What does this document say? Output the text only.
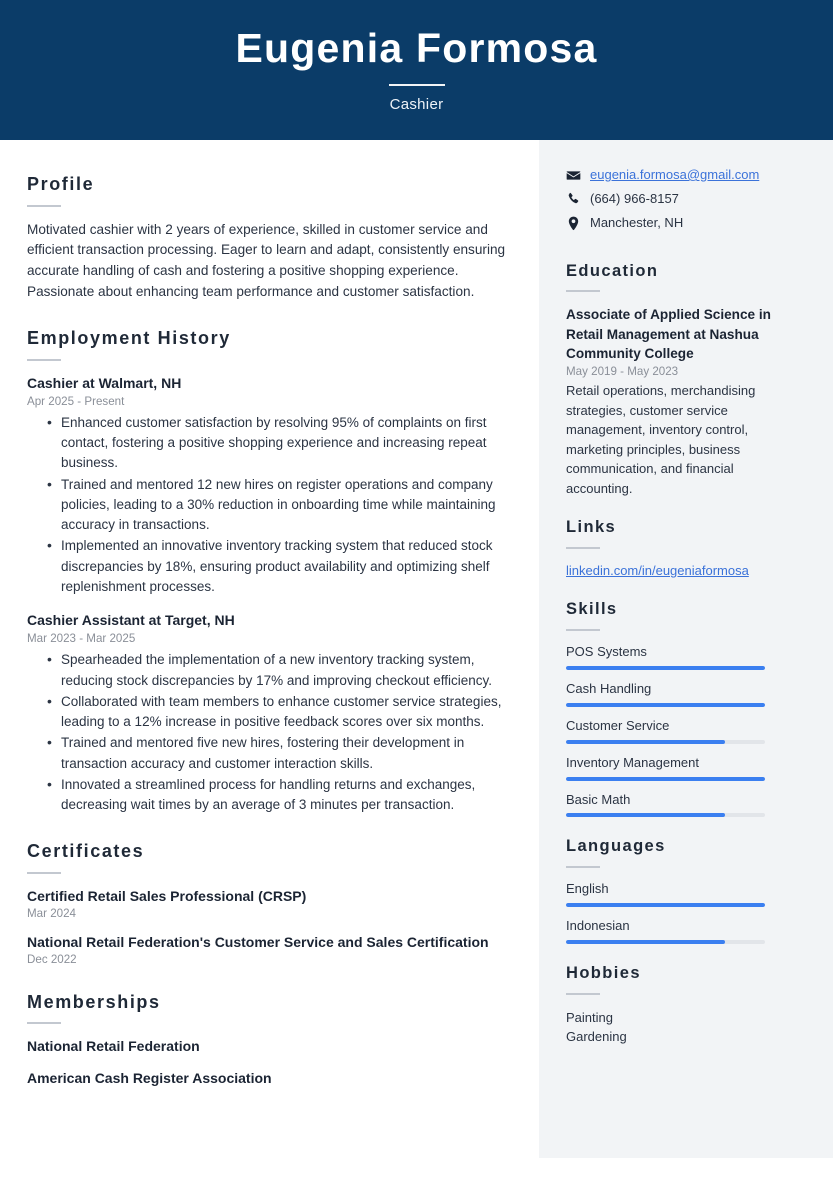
Eugenia Formosa
Cashier
Profile
Motivated cashier with 2 years of experience, skilled in customer service and efficient transaction processing. Eager to learn and adapt, consistently ensuring accurate handling of cash and fostering a positive shopping experience. Passionate about enhancing team performance and customer satisfaction.
Employment History
Cashier at Walmart, NH
Apr 2025 - Present
• Enhanced customer satisfaction by resolving 95% of complaints on first contact, fostering a positive shopping experience and increasing repeat business.
• Trained and mentored 12 new hires on register operations and company policies, leading to a 30% reduction in onboarding time while maintaining accuracy in transactions.
• Implemented an innovative inventory tracking system that reduced stock discrepancies by 18%, ensuring product availability and optimizing shelf replenishment processes.
Cashier Assistant at Target, NH
Mar 2023 - Mar 2025
• Spearheaded the implementation of a new inventory tracking system, reducing stock discrepancies by 17% and improving checkout efficiency.
• Collaborated with team members to enhance customer service strategies, leading to a 12% increase in positive feedback scores over six months.
• Trained and mentored five new hires, fostering their development in transaction accuracy and customer interaction skills.
• Innovated a streamlined process for handling returns and exchanges, decreasing wait times by an average of 3 minutes per transaction.
Certificates
Certified Retail Sales Professional (CRSP)
Mar 2024
National Retail Federation's Customer Service and Sales Certification
Dec 2022
Memberships
National Retail Federation
American Cash Register Association
eugenia.formosa@gmail.com
(664) 966-8157
Manchester, NH
Education
Associate of Applied Science in Retail Management at Nashua Community College
May 2019 - May 2023
Retail operations, merchandising strategies, customer service management, inventory control, marketing principles, business communication, and financial accounting.
Links
linkedin.com/in/eugeniaformosa
Skills
POS Systems
Cash Handling
Customer Service
Inventory Management
Basic Math
Languages
English
Indonesian
Hobbies
Painting
Gardening
